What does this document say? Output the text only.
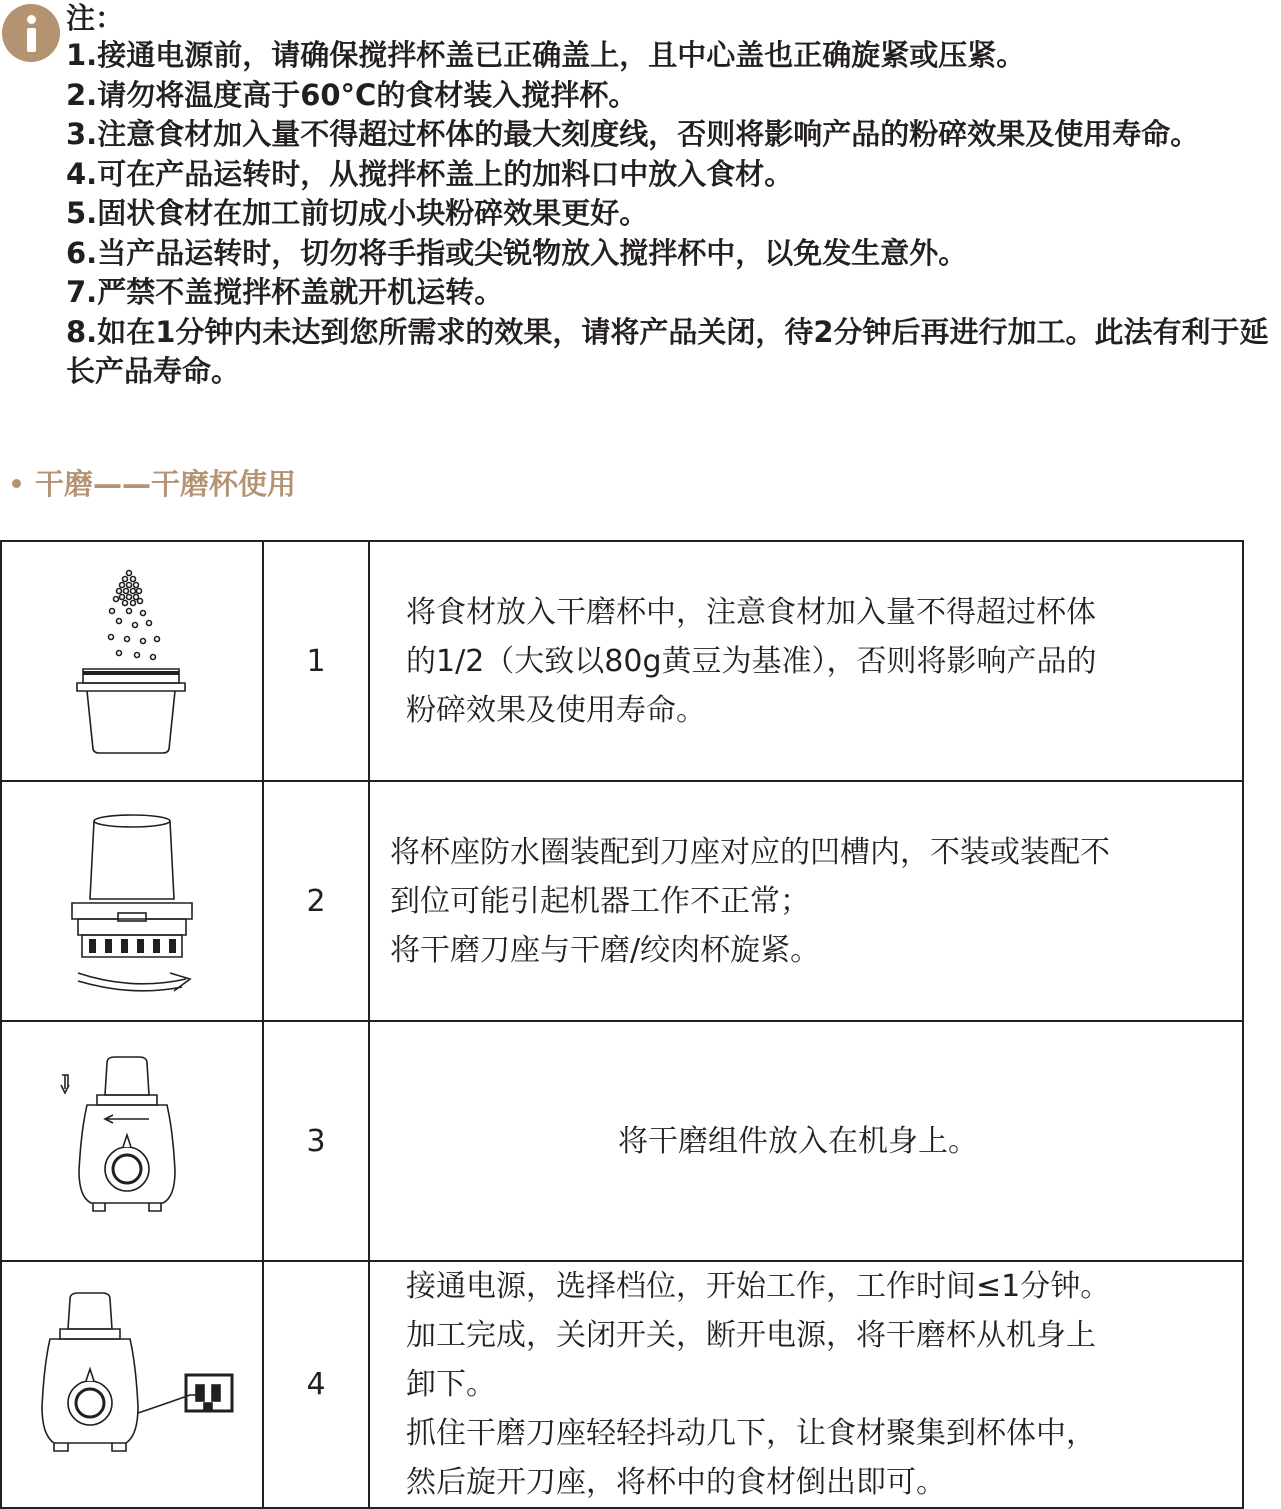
注：
1.接通电源前，请确保搅拌杯盖已正确盖上，且中心盖也正确旋紧或压紧。
2.请勿将温度高于60°C的食材装入搅拌杯。
3.注意食材加入量不得超过杯体的最大刻度线，否则将影响产品的粉碎效果及使用寿命。
4.可在产品运转时，从搅拌杯盖上的加料口中放入食材。
5.固状食材在加工前切成小块粉碎效果更好。
6.当产品运转时，切勿将手指或尖锐物放入搅拌杯中，以免发生意外。
7.严禁不盖搅拌杯盖就开机运转。
8.如在1分钟内未达到您所需求的效果，请将产品关闭，待2分钟后再进行加工。此法有利于延长产品寿命。
干磨——干磨杯使用
	1	将食材放入干磨杯中，注意食材加入量不得超过杯体
的1/2（大致以80g黄豆为基准），否则将影响产品的
粉碎效果及使用寿命。

	2	将杯座防水圈装配到刀座对应的凹槽内，不装或装配不
到位可能引起机器工作不正常；
将干磨刀座与干磨/绞肉杯旋紧。

	3	将干磨组件放入在机身上。

	4	接通电源，选择档位，开始工作，工作时间≤1分钟。
加工完成，关闭开关，断开电源，将干磨杯从机身上
卸下。
抓住干磨刀座轻轻抖动几下，让食材聚集到杯体中，
然后旋开刀座，将杯中的食材倒出即可。
